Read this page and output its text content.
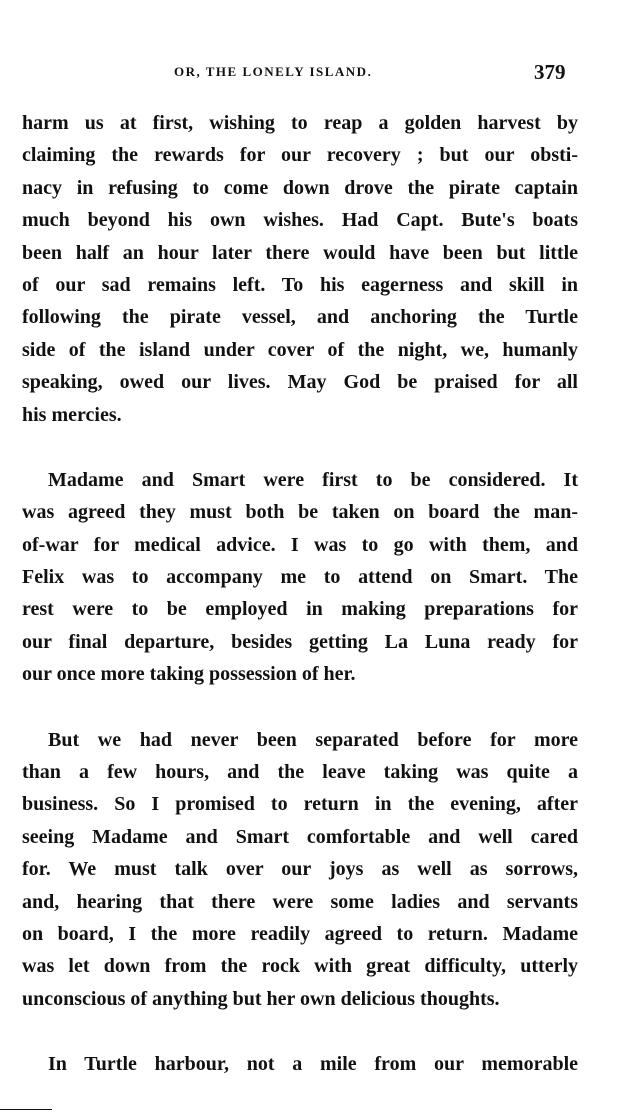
OR, THE LONELY ISLAND.	379
harm us at first, wishing to reap a golden harvest by
claiming the rewards for our recovery ; but our obsti-
nacy in refusing to come down drove the pirate captain
much beyond his own wishes. Had Capt. Bute's boats
been half an hour later there would have been but little
of our sad remains left. To his eagerness and skill in
following the pirate vessel, and anchoring the Turtle
side of the island under cover of the night, we, humanly
speaking, owed our lives. May God be praised for all
his mercies.
Madame and Smart were first to be considered. It
was agreed they must both be taken on board the man-
of-war for medical advice. I was to go with them, and
Felix was to accompany me to attend on Smart. The
rest were to be employed in making preparations for
our final departure, besides getting La Luna ready for
our once more taking possession of her.
But we had never been separated before for more
than a few hours, and the leave taking was quite a
business. So I promised to return in the evening, after
seeing Madame and Smart comfortable and well cared
for. We must talk over our joys as well as sorrows,
and, hearing that there were some ladies and servants
on board, I the more readily agreed to return. Madame
was let down from the rock with great difficulty, utterly
unconscious of anything but her own delicious thoughts.
In Turtle harbour, not a mile from our memorable
